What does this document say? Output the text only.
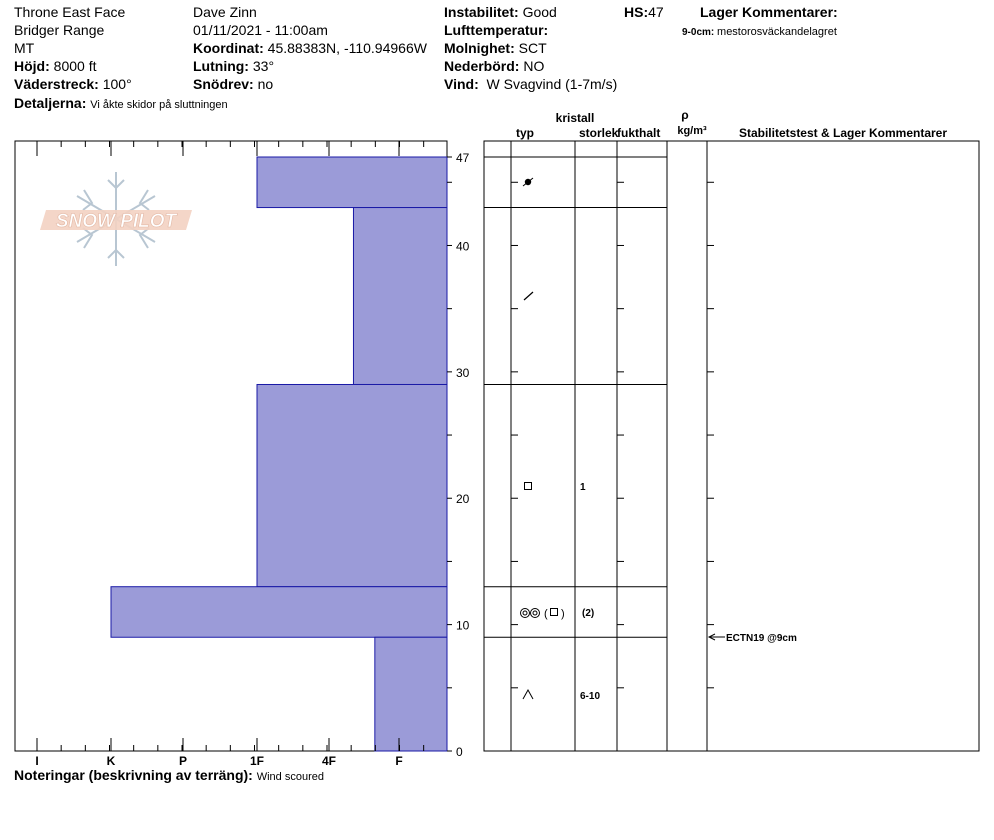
Throne East Face
Bridger Range
MT
Höjd: 8000 ft
Väderstreck: 100°
Detaljerna: Vi åkte skidor på sluttningen
Dave Zinn
01/11/2021 - 11:00am
Koordinat: 45.88383N, -110.94966W
Lutning: 33°
Snödrev: no
Instabilitet: Good
Lufttemperatur:
Molnighet: SCT
Nederbörd: NO
Vind: W Svagvind (1-7m/s)
HS:47	Lager Kommentarer:
9-0cm: mestorosväckandelagret
SNOW PILOT
0
10
20
30
40
47
I	K	P	1F	4F	F
kristall
typ	storlek
fukthalt
ρ
kg/m³	Stabilitetstest & Lager Kommentarer
( )
1
(2)
6-10
ECTN19 @9cm
Noteringar (beskrivning av terräng): Wind scoured
